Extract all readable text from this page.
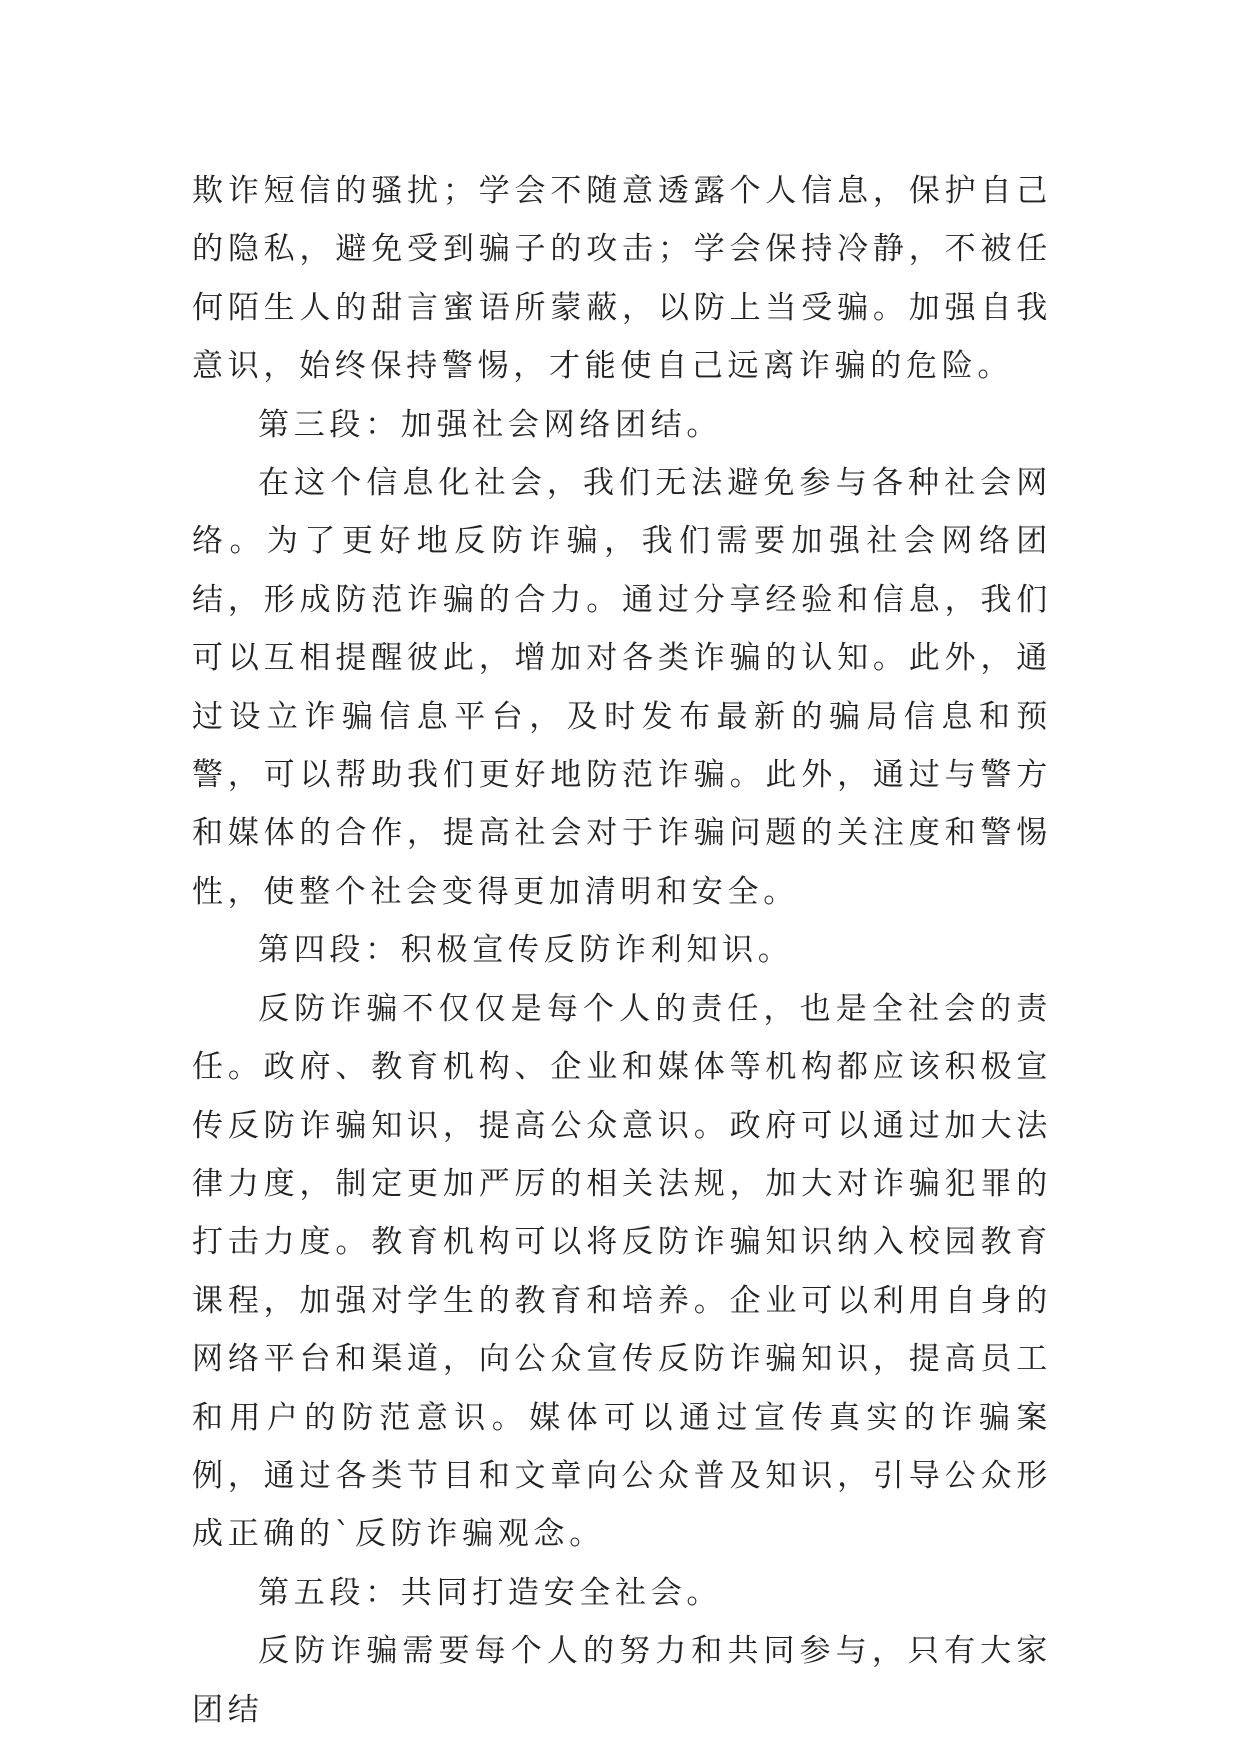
欺诈短信的骚扰；学会不随意透露个人信息，保护自己的隐私，避免受到骗子的攻击；学会保持冷静，不被任何陌生人的甜言蜜语所蒙蔽，以防上当受骗。加强自我意识，始终保持警惕，才能使自己远离诈骗的危险。

第三段：加强社会网络团结。

在这个信息化社会，我们无法避免参与各种社会网络。为了更好地反防诈骗，我们需要加强社会网络团结，形成防范诈骗的合力。通过分享经验和信息，我们可以互相提醒彼此，增加对各类诈骗的认知。此外，通过设立诈骗信息平台，及时发布最新的骗局信息和预警，可以帮助我们更好地防范诈骗。此外，通过与警方和媒体的合作，提高社会对于诈骗问题的关注度和警惕性，使整个社会变得更加清明和安全。

第四段：积极宣传反防诈利知识。

反防诈骗不仅仅是每个人的责任，也是全社会的责任。政府、教育机构、企业和媒体等机构都应该积极宣传反防诈骗知识，提高公众意识。政府可以通过加大法律力度，制定更加严厉的相关法规，加大对诈骗犯罪的打击力度。教育机构可以将反防诈骗知识纳入校园教育课程，加强对学生的教育和培养。企业可以利用自身的网络平台和渠道，向公众宣传反防诈骗知识，提高员工和用户的防范意识。媒体可以通过宣传真实的诈骗案例，通过各类节目和文章向公众普及知识，引导公众形成正确的`反防诈骗观念。

第五段：共同打造安全社会。

反防诈骗需要每个人的努力和共同参与，只有大家团结
